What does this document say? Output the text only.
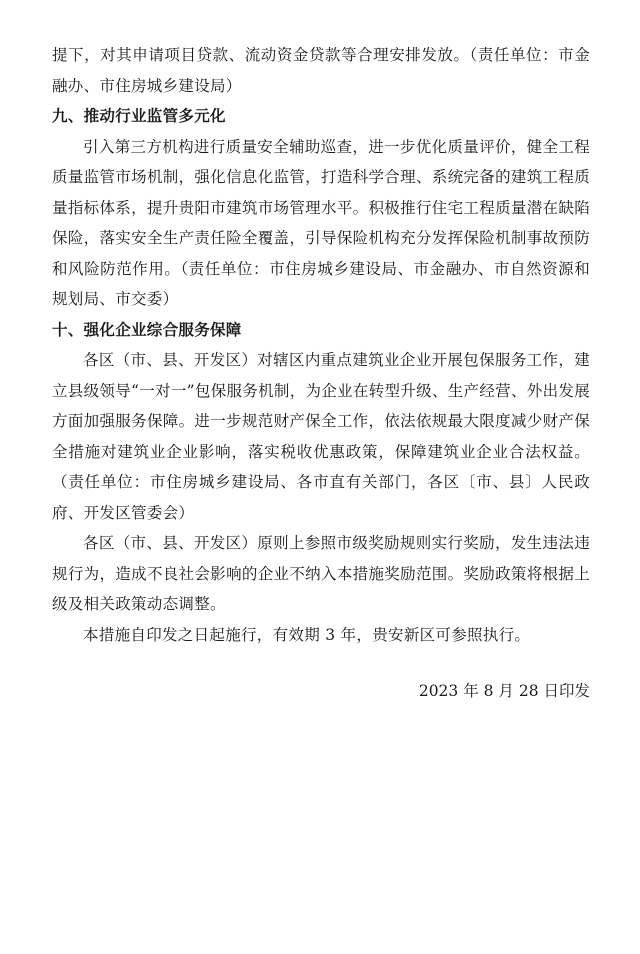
提下，对其申请项目贷款、流动资金贷款等合理安排发放。（责任单位：市金融办、市住房城乡建设局）

九、推动行业监管多元化

引入第三方机构进行质量安全辅助巡查，进一步优化质量评价，健全工程质量监管市场机制，强化信息化监管，打造科学合理、系统完备的建筑工程质量指标体系，提升贵阳市建筑市场管理水平。积极推行住宅工程质量潜在缺陷保险，落实安全生产责任险全覆盖，引导保险机构充分发挥保险机制事故预防和风险防范作用。（责任单位：市住房城乡建设局、市金融办、市自然资源和规划局、市交委）

十、强化企业综合服务保障

各区（市、县、开发区）对辖区内重点建筑业企业开展包保服务工作，建立县级领导“一对一”包保服务机制，为企业在转型升级、生产经营、外出发展方面加强服务保障。进一步规范财产保全工作，依法依规最大限度减少财产保全措施对建筑业企业影响，落实税收优惠政策，保障建筑业企业合法权益。（责任单位：市住房城乡建设局、各市直有关部门，各区〔市、县〕人民政府、开发区管委会）

各区（市、县、开发区）原则上参照市级奖励规则实行奖励，发生违法违规行为，造成不良社会影响的企业不纳入本措施奖励范围。奖励政策将根据上级及相关政策动态调整。

本措施自印发之日起施行，有效期 3 年，贵安新区可参照执行。

2023 年 8 月 28 日印发
